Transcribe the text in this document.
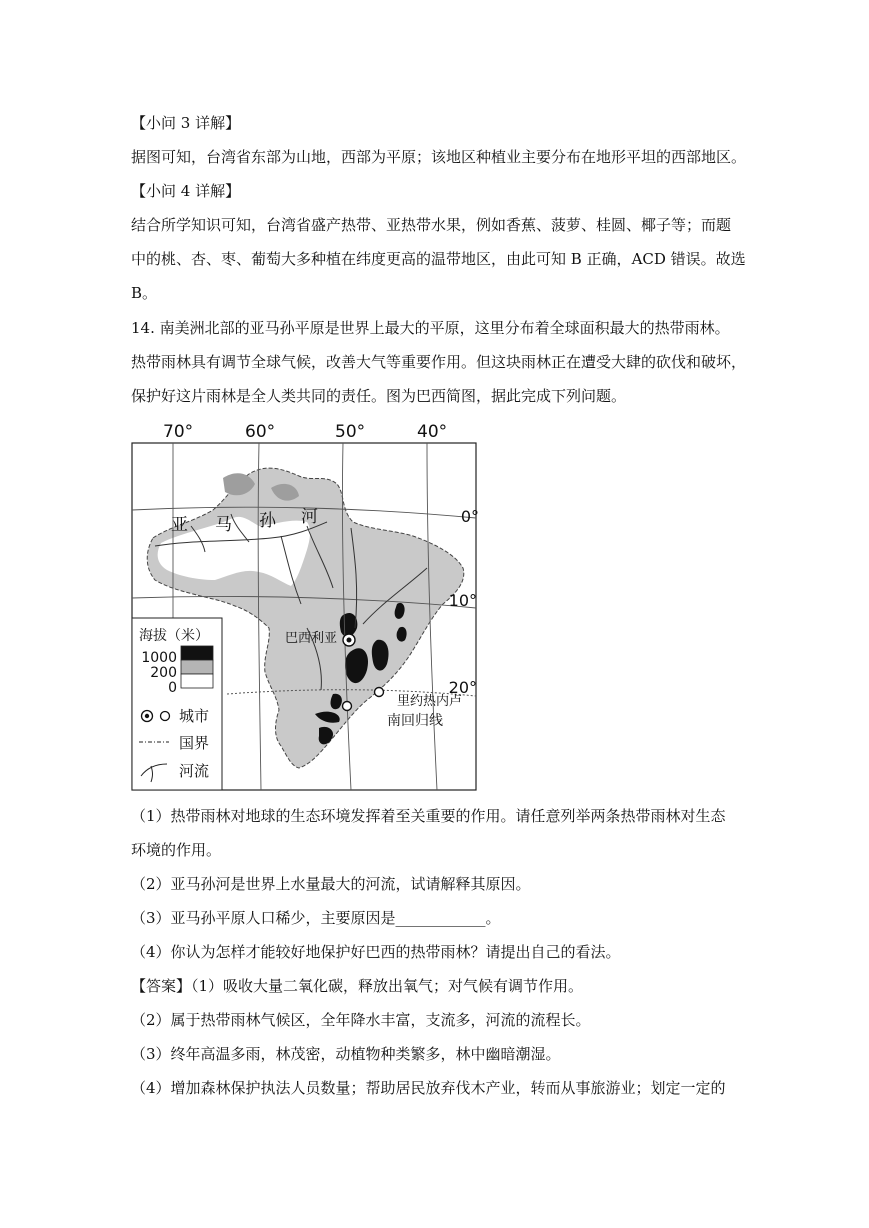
【小问 3 详解】
据图可知，台湾省东部为山地，西部为平原；该地区种植业主要分布在地形平坦的西部地区。
【小问 4 详解】
结合所学知识可知，台湾省盛产热带、亚热带水果，例如香蕉、菠萝、桂圆、椰子等；而题
中的桃、杏、枣、葡萄大多种植在纬度更高的温带地区，由此可知 B 正确，ACD 错误。故选
B。
14. 南美洲北部的亚马孙平原是世界上最大的平原，这里分布着全球面积最大的热带雨林。
热带雨林具有调节全球气候，改善大气等重要作用。但这块雨林正在遭受大肆的砍伐和破坏，
保护好这片雨林是全人类共同的责任。图为巴西简图，据此完成下列问题。
70°	60°	50°	40°
0°
10°
20°
亚 马 孙 河
巴西利亚
里约热内卢
南回归线
海拔（米）
1000
200
0
城市
国界
河流
（1）热带雨林对地球的生态环境发挥着至关重要的作用。请任意列举两条热带雨林对生态
环境的作用。
（2）亚马孙河是世界上水量最大的河流，试请解释其原因。
（3）亚马孙平原人口稀少，主要原因是____________。
（4）你认为怎样才能较好地保护好巴西的热带雨林？请提出自己的看法。
【答案】（1）吸收大量二氧化碳，释放出氧气；对气候有调节作用。
（2）属于热带雨林气候区，全年降水丰富，支流多，河流的流程长。
（3）终年高温多雨，林茂密，动植物种类繁多，林中幽暗潮湿。
（4）增加森林保护执法人员数量；帮助居民放弃伐木产业，转而从事旅游业；划定一定的
